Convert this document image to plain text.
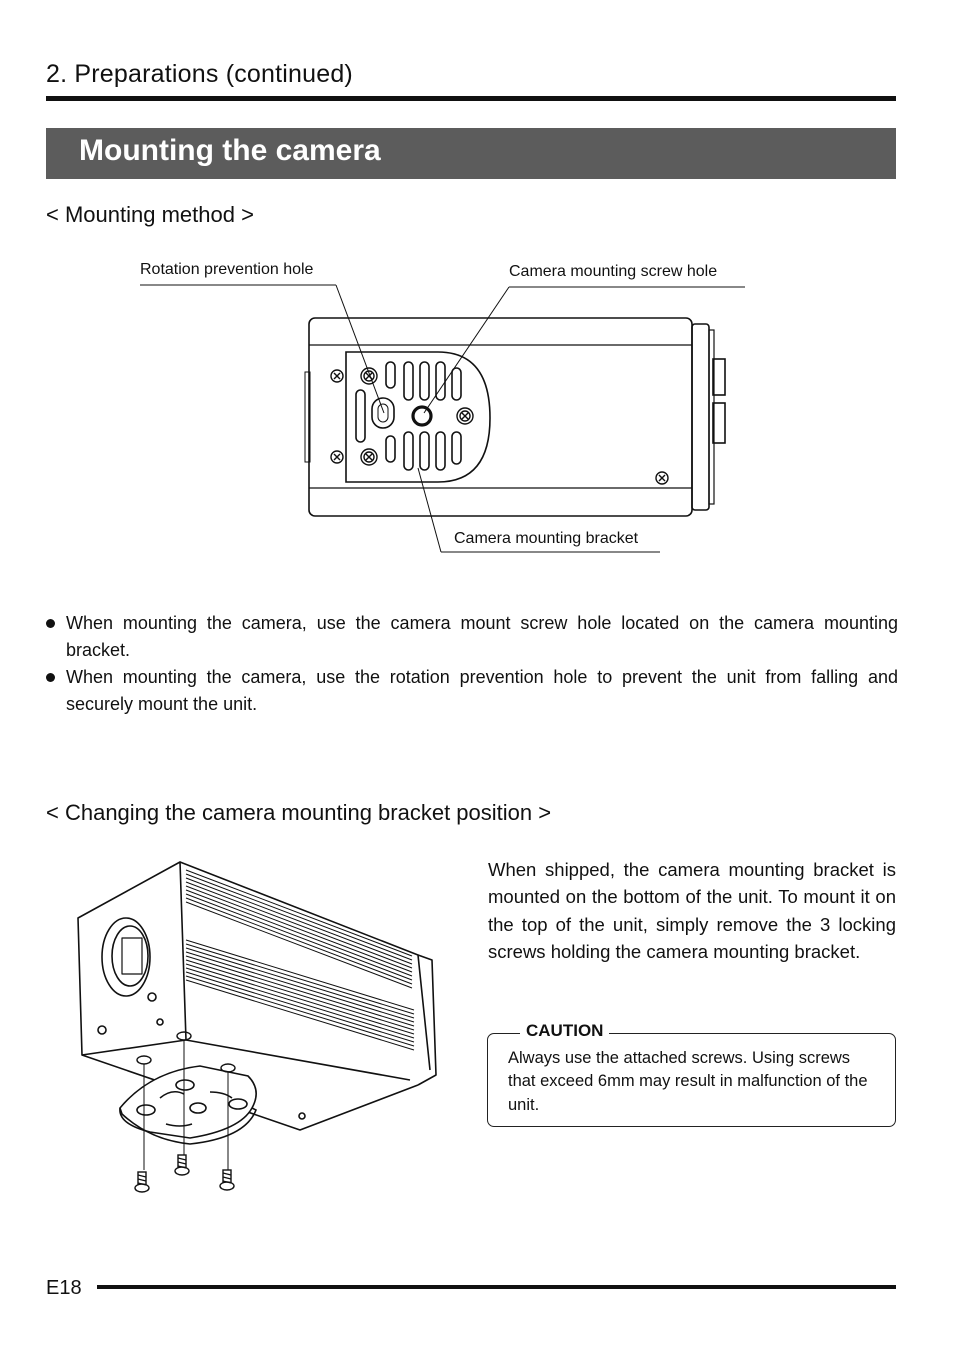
2. Preparations (continued)
Mounting the camera
< Mounting method >
Rotation prevention hole	Camera mounting screw hole
Camera mounting bracket

When mounting the camera, use the camera mount screw hole located on the camera mounting bracket.

When mounting the camera, use the rotation prevention hole to prevent the unit from falling and securely mount the unit.

< Changing the camera mounting bracket position >
When shipped, the camera mounting bracket is mounted on the bottom of the unit. To mount it on the top of the unit, simply remove the 3 locking screws holding the camera mounting bracket.
CAUTION
Always use the attached screws. Using screws that exceed 6mm may result in malfunction of the unit.
E18
